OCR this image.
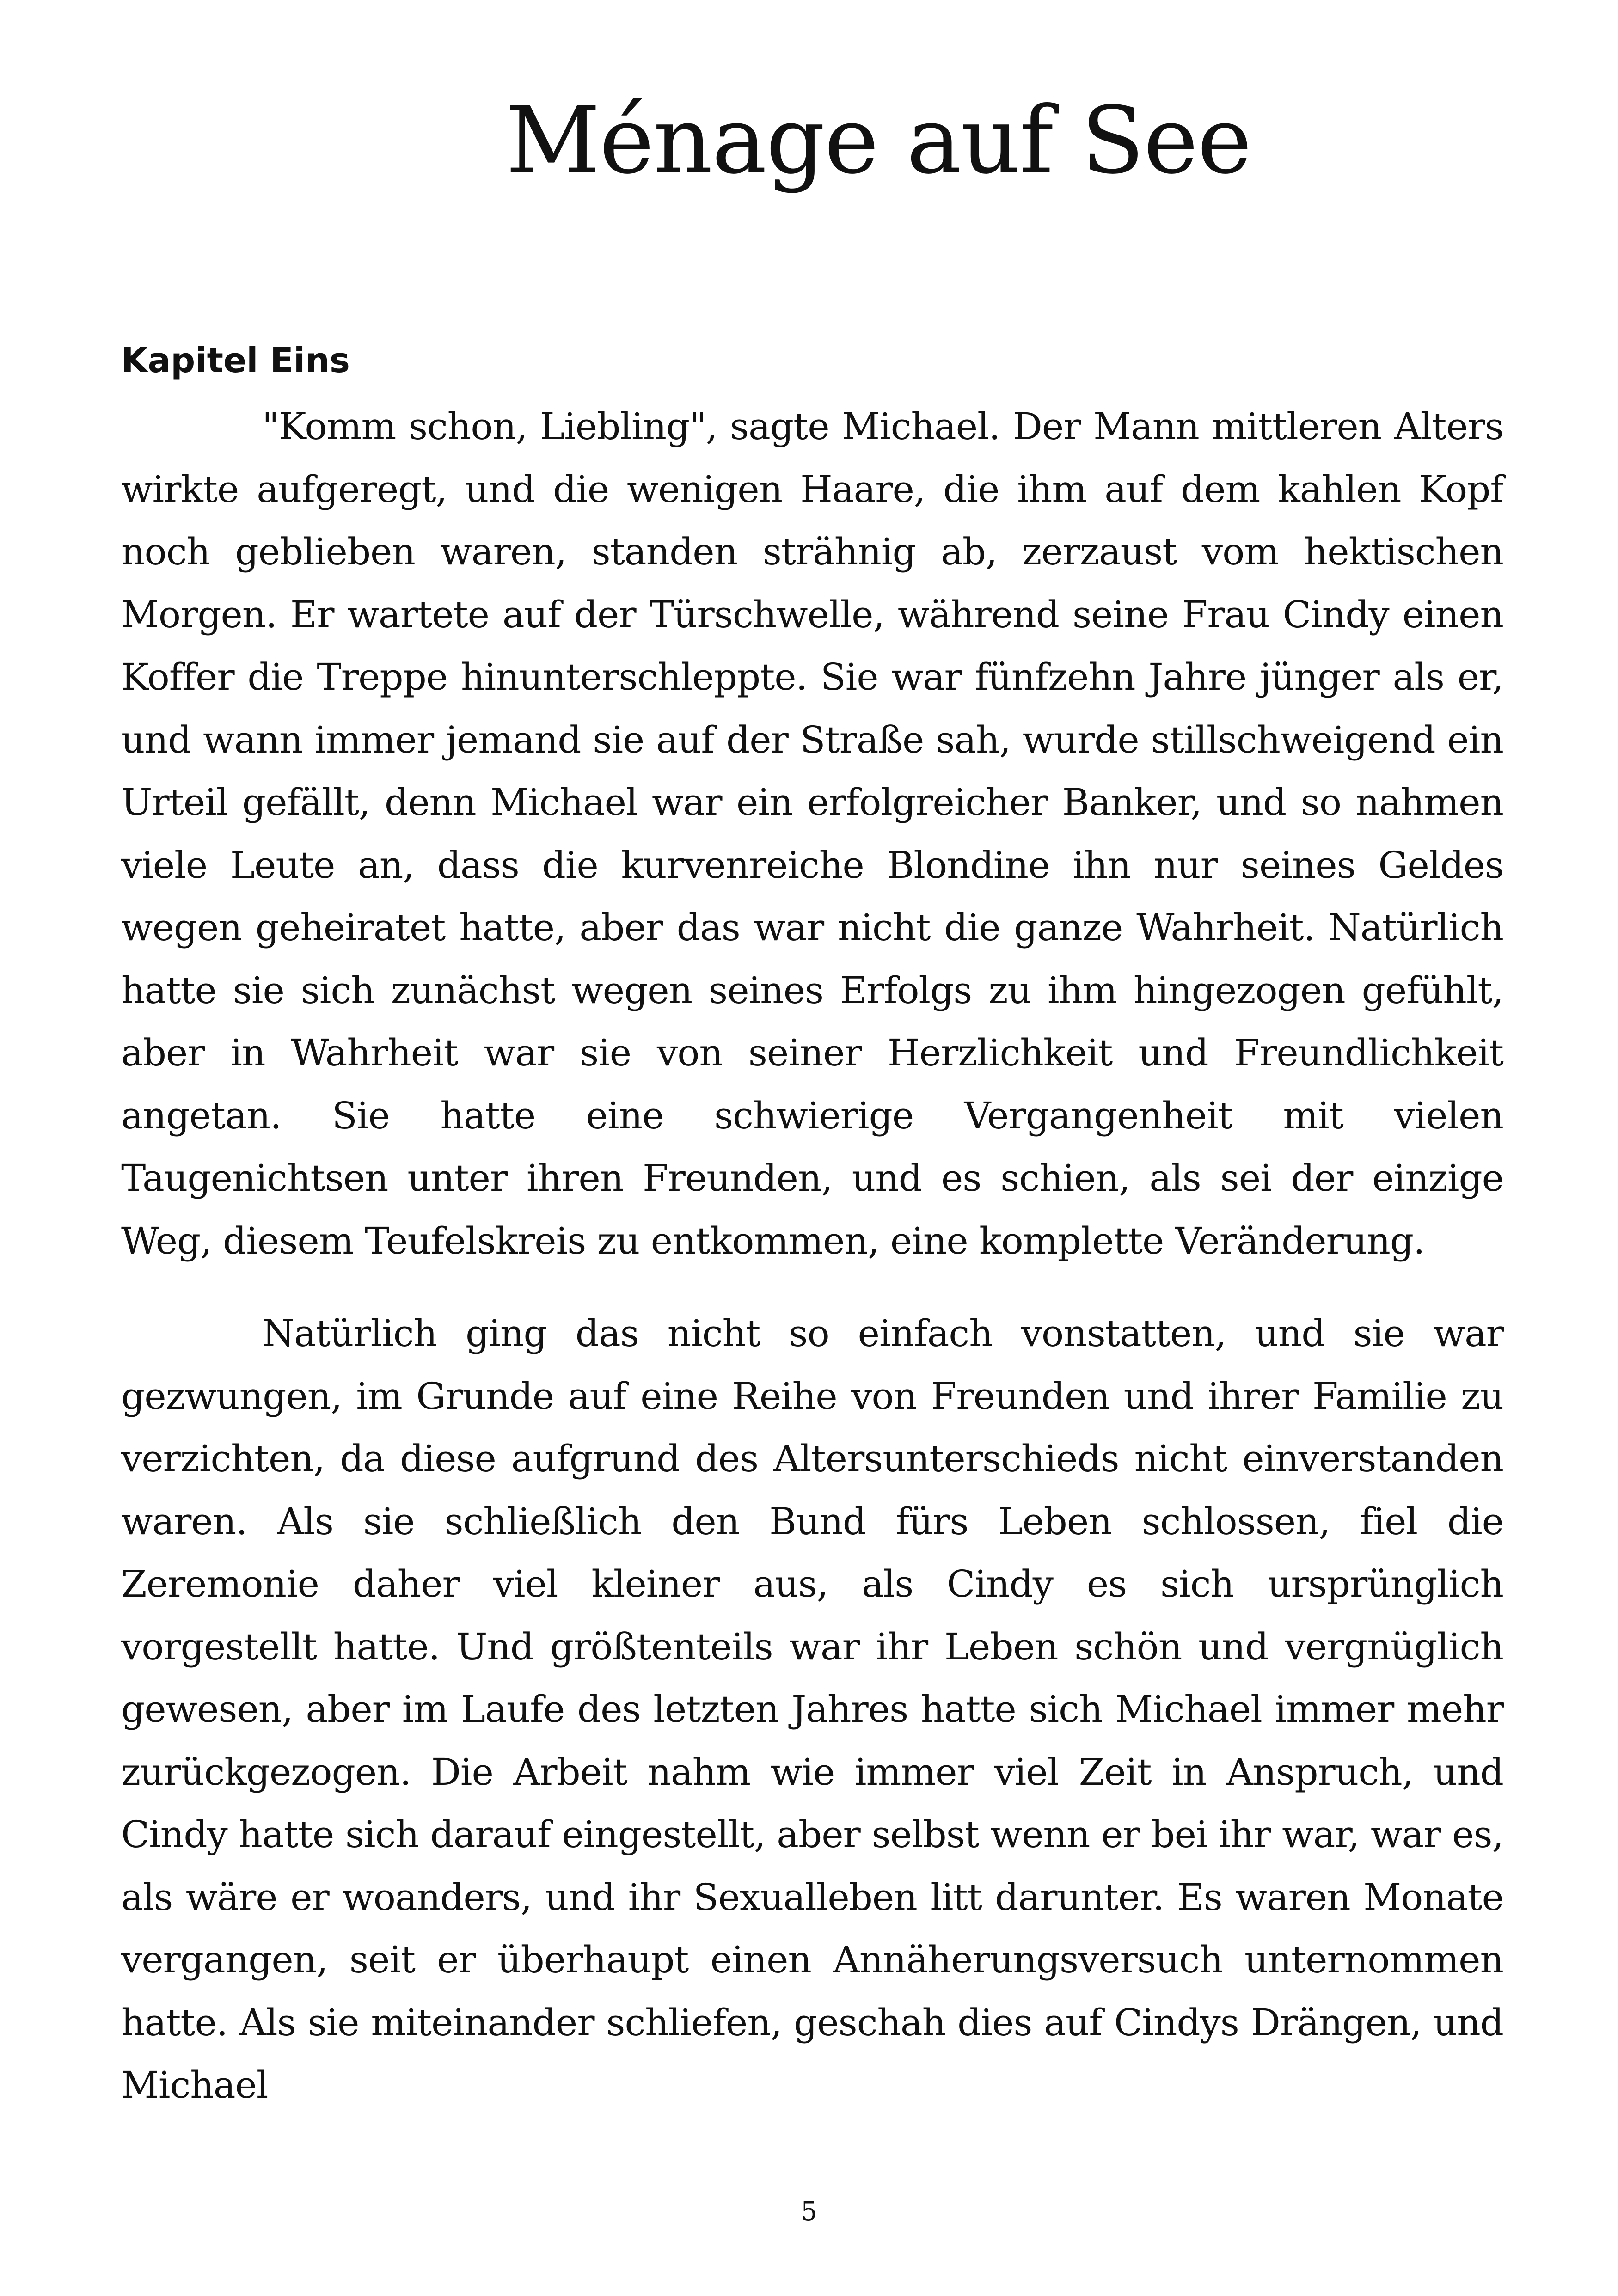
Ménage auf See
Kapitel Eins

"Komm schon, Liebling", sagte Michael. Der Mann mittleren Alters wirkte aufgeregt, und die wenigen Haare, die ihm auf dem kahlen Kopf noch geblieben waren, standen strähnig ab, zerzaust vom hektischen Morgen. Er wartete auf der Türschwelle, während seine Frau Cindy einen Koffer die Treppe hinunterschleppte. Sie war fünfzehn Jahre jünger als er, und wann immer jemand sie auf der Straße sah, wurde stillschweigend ein Urteil gefällt, denn Michael war ein erfolgreicher Banker, und so nahmen viele Leute an, dass die kurvenreiche Blondine ihn nur seines Geldes wegen geheiratet hatte, aber das war nicht die ganze Wahrheit. Natürlich hatte sie sich zunächst wegen seines Erfolgs zu ihm hingezogen gefühlt, aber in Wahrheit war sie von seiner Herzlichkeit und Freundlichkeit angetan. Sie hatte eine schwierige Vergangenheit mit vielen Taugenichtsen unter ihren Freunden, und es schien, als sei der einzige Weg, diesem Teufelskreis zu entkommen, eine komplette Veränderung.

Natürlich ging das nicht so einfach vonstatten, und sie war gezwungen, im Grunde auf eine Reihe von Freunden und ihrer Familie zu verzichten, da diese aufgrund des Altersunterschieds nicht einverstanden waren. Als sie schließlich den Bund fürs Leben schlossen, fiel die Zeremonie daher viel kleiner aus, als Cindy es sich ursprünglich vorgestellt hatte. Und größtenteils war ihr Leben schön und vergnüglich gewesen, aber im Laufe des letzten Jahres hatte sich Michael immer mehr zurückgezogen. Die Arbeit nahm wie immer viel Zeit in Anspruch, und Cindy hatte sich darauf eingestellt, aber selbst wenn er bei ihr war, war es, als wäre er woanders, und ihr Sexualleben litt darunter. Es waren Monate vergangen, seit er überhaupt einen Annäherungsversuch unternommen hatte. Als sie miteinander schliefen, geschah dies auf Cindys Drängen, und Michael

5
